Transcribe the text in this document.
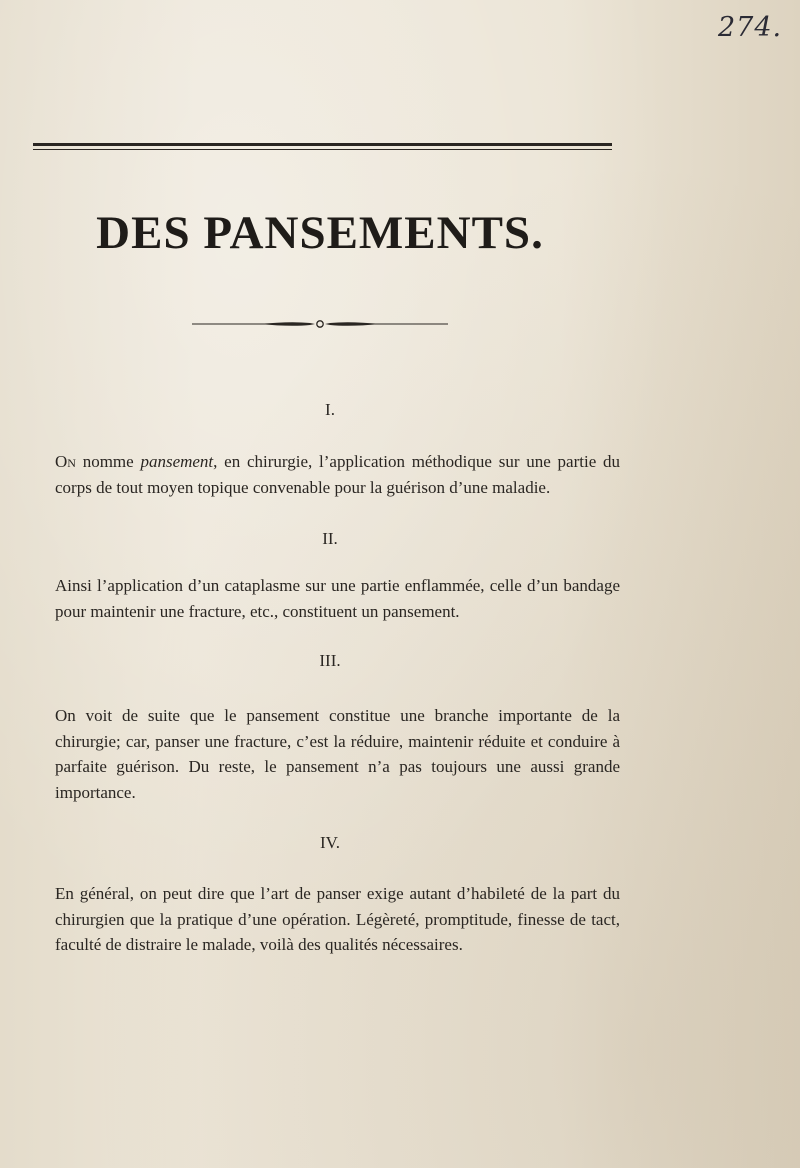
274.
DES PANSEMENTS.
I.
On nomme pansement, en chirurgie, l’application méthodique sur une partie du corps de tout moyen topique convenable pour la guérison d’une maladie.
II.
Ainsi l’application d’un cataplasme sur une partie enflammée, celle d’un bandage pour maintenir une fracture, etc., constituent un pansement.
III.
On voit de suite que le pansement constitue une branche importante de la chirurgie; car, panser une fracture, c’est la réduire, maintenir réduite et conduire à parfaite guérison. Du reste, le pansement n’a pas toujours une aussi grande importance.
IV.
En général, on peut dire que l’art de panser exige autant d’habileté de la part du chirurgien que la pratique d’une opération. Légèreté, promptitude, finesse de tact, faculté de distraire le malade, voilà des qualités nécessaires.
